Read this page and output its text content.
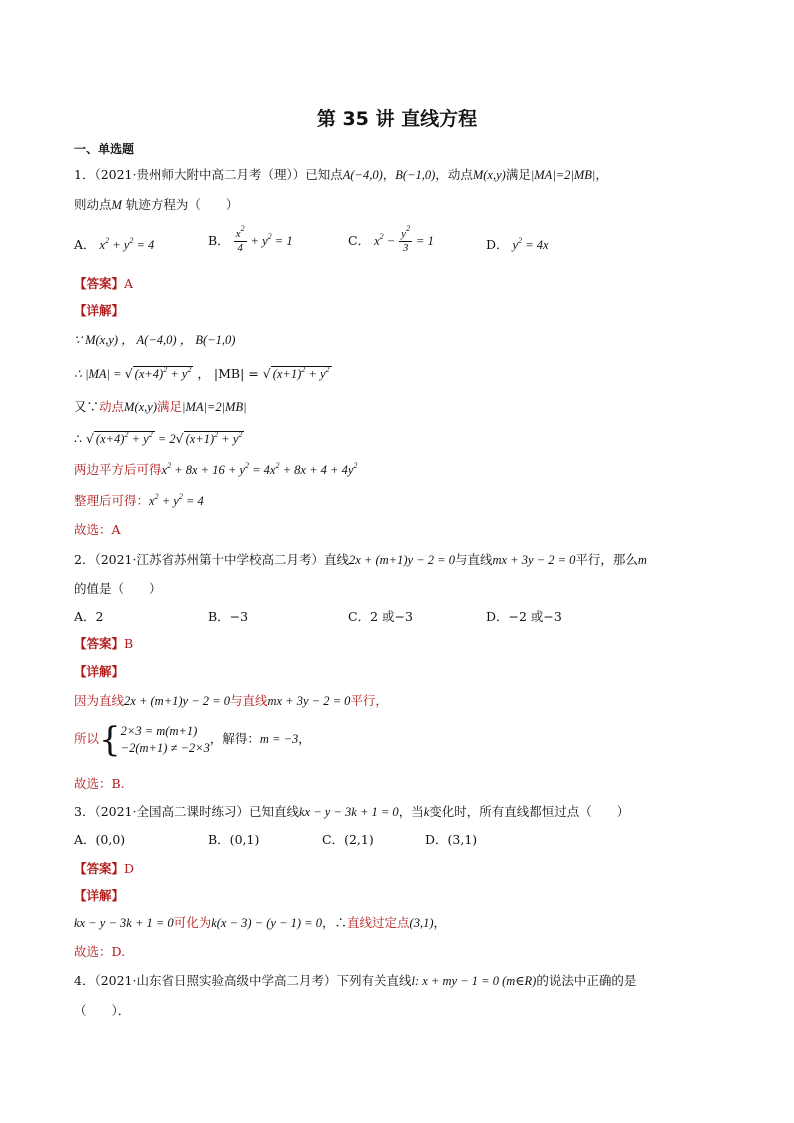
第 35 讲 直线方程
一、单选题
1．（2021·贵州师大附中高二月考（理））已知点A(−4,0)，B(−1,0)，动点M(x,y)满足|MA|=2|MB|，
则动点M 轨迹方程为（　　）
A． $x^2 + y^2 = 4$	B． $\frac{x^2}{4} + y^2 = 1$	C． $x^2 - \frac{y^2}{3} = 1$	D． $y^2 = 4x$
【答案】A
【详解】
∵ M(x,y) ， A(−4,0) ， B(−1,0)
∴ |MA| = √ $(x+4)^2 + y^2$ ， |MB| = √ $(x+1)^2 + y^2$
又∵动点M(x,y)满足|MA|=2|MB|
∴ √ $(x+4)^2 + y^2 = 2√$ $(x+1)^2 + y^2$
两边平方后可得$x^2 + 8x + 16 + y^2 = 4x^2 + 8x + 4 + 4y^2$
整理后可得：$x^2 + y^2 = 4$
故选：A
2．（2021·江苏省苏州第十中学校高二月考）直线2x + (m+1)y − 2 = 0与直线mx + 3y − 2 = 0平行，那么m
的值是（　　）
A．2	B．−3	C．2 或−3	D．−2 或−3
【答案】B
【详解】
因为直线2x + (m+1)y − 2 = 0与直线mx + 3y − 2 = 0平行，
所以{ 2×3 = m(m+1)
−2(m+1) ≠ −2×3
，解得：m = −3，
故选：B.
3．（2021·全国高二课时练习）已知直线kx − y − 3k + 1 = 0，当k变化时，所有直线都恒过点（　　）
A．(0,0)	B．(0,1)	C．(2,1)	D．(3,1)
【答案】D
【详解】
kx − y − 3k + 1 = 0可化为k(x − 3) − (y − 1) = 0，∴直线过定点(3,1)，
故选：D.
4．（2021·山东省日照实验高级中学高二月考）下列有关直线l: x + my − 1 = 0 (m∈R)的说法中正确的是
（　　）．
